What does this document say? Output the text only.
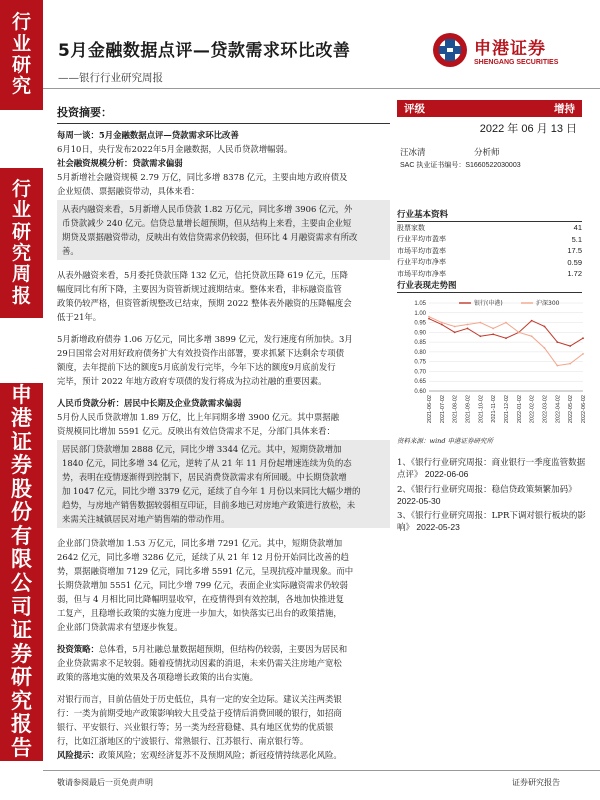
行
业
研
究
行
业
研
究
周
报
申
港
证
券
股
份
有
限
公
司
证
券
研
究
报
告
5月金融数据点评—贷款需求环比改善
——银行行业研究周报
申港证券
SHENGANG SECURITIES
评级	增持
2022 年 06 月 13 日
汪冰清	分析师
SAC 执业证书编号：S1660522030003
行业基本资料
股票家数	41
行业平均市盈率	5.1
市场平均市盈率	17.5
行业平均市净率	0.59
市场平均市净率	1.72
行业表现走势图
1.05
1.00
0.95
0.90
0.85
0.80
0.75
0.70
0.65
0.60
2021-06-02 2021-07-02 2021-08-02 2021-09-02 2021-10-02 2021-11-02 2021-12-02 2022-01-02 2022-02-02 2022-03-02 2022-04-02 2022-05-02 2022-06-02
银行(申港)	沪深300
资料来源：wind 申港证券研究所
1、《银行行业研究周报：商业银行一季度监管数据点评》 2022-06-06
2、《银行行业研究周报：稳信贷政策频繁加码》 2022-05-30
3、《银行行业研究周报：LPR下调对银行板块的影响》 2022-05-23
投资摘要：
每周一谈：5月金融数据点评—贷款需求环比改善
6月10日，央行发布2022年5月金融数据，人民币贷款增幅弱。
社会融资规模分析：贷款需求偏弱
5月新增社会融资规模 2.79 万亿，同比多增 8378 亿元，主要由地方政府债及
企业短债、票据融资带动，具体来看：
从表内融资来看，5月新增人民币贷款 1.82 万亿元，同比多增 3906 亿元，外
币贷款减少 240 亿元。信贷总量增长超预期，但从结构上来看，主要由企业短
期贷及票据融资带动，反映出有效信贷需求仍较弱，但环比 4 月融资需求有所改
善。
从表外融资来看，5月委托贷款压降 132 亿元，信托贷款压降 619 亿元，压降
幅度同比有所下降，主要因为资管新规过渡期结束。整体来看，非标融资监管
政策仍较严格，但资管新规整改已结束，预期 2022 整体表外融资的压降幅度会
低于21年。
5月新增政府债券 1.06 万亿元，同比多增 3899 亿元，发行速度有所加快。3月
29日国常会对用好政府债务扩大有效投资作出部署，要求抓紧下达剩余专项债
额度，去年提前下达的额度5月底前发行完毕，今年下达的额度9月底前发行
完毕，预计 2022 年地方政府专项债的发行将成为拉动社融的重要因素。
人民币贷款分析：居民中长期及企业贷款需求偏弱
5月份人民币贷款增加 1.89 万亿，比上年同期多增 3900 亿元。其中票据融
资规模同比增加 5591 亿元。反映出有效信贷需求不足，分部门具体来看：
居民部门贷款增加 2888 亿元，同比少增 3344 亿元。其中，短期贷款增加
1840 亿元，同比多增 34 亿元，逆转了从 21 年 11 月份起增速连续为负的态
势，表明在疫情逐渐得到控制下，居民消费贷款需求有所回暖。中长期贷款增
加 1047 亿元，同比少增 3379 亿元，延续了自今年 1 月份以来同比大幅少增的
趋势，与房地产销售数据较弱相互印证，目前多地已对房地产政策进行放松，未
来需关注城镇居民对地产销售端的带动作用。
企业部门贷款增加 1.53 万亿元，同比多增 7291 亿元。其中，短期贷款增加
2642 亿元，同比多增 3286 亿元，延续了从 21 年 12 月份开始同比改善的趋
势，票据融资增加 7129 亿元，同比多增 5591 亿元，呈现抗疫冲量现象。而中
长期贷款增加 5551 亿元，同比少增 799 亿元，表面企业实际融资需求仍较弱
弱，但与 4 月相比同比降幅明显收窄，在疫情得到有效控制，各地加快推进复
工复产，且稳增长政策的实施力度进一步加大，如快落实已出台的政策措施，
企业部门贷款需求有望逐步恢复。
投资策略：总体看，5月社融总量数据超预期，但结构仍较弱，主要因为居民和
企业贷款需求不足较弱。随着疫情扰动因素的消退，未来仍需关注房地产宽松
政策的落地实施的效果及各项稳增长政策的出台实施。
对银行而言，目前估值处于历史低位，具有一定的安全边际。建议关注两类银
行：一类为前期受地产政策影响较大且受益于疫情后消费回暖的银行，如招商
银行、平安银行、兴业银行等；另一类为经营稳健、具有地区优势的优质银
行，比如江浙地区的宁波银行、常熟银行、江苏银行、南京银行等。
风险提示：政策风险；宏观经济复苏不及预期风险；新冠疫情持续恶化风险。
敬请参阅最后一页免责声明	证券研究报告
